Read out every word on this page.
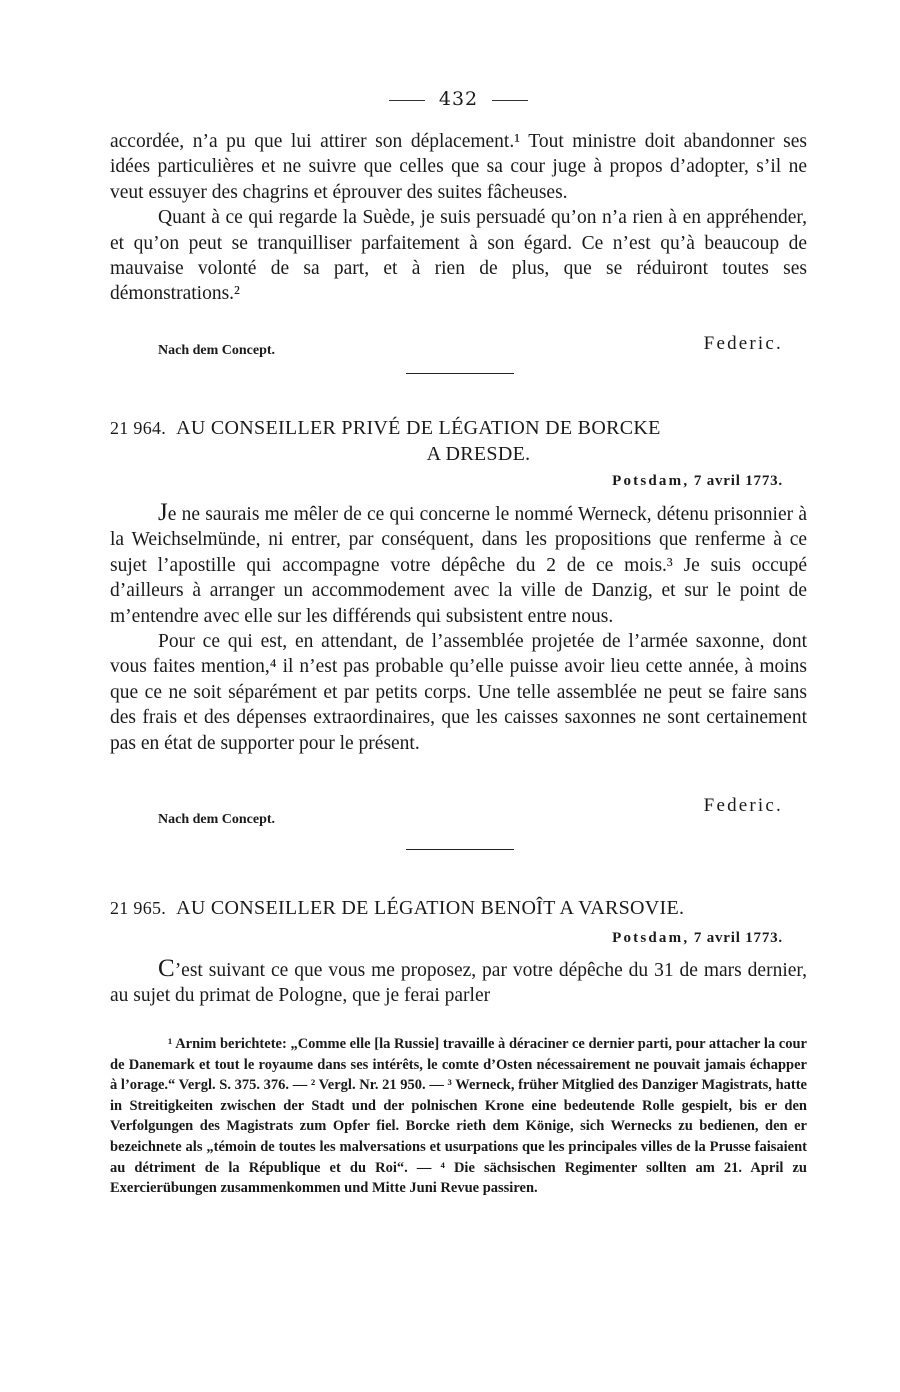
432

accordée, n’a pu que lui attirer son déplacement.¹ Tout ministre doit abandonner ses idées particulières et ne suivre que celles que sa cour juge à propos d’adopter, s’il ne veut essuyer des chagrins et éprouver des suites fâcheuses.

Quant à ce qui regarde la Suède, je suis persuadé qu’on n’a rien à en appréhender, et qu’on peut se tranquilliser parfaitement à son égard. Ce n’est qu’à beaucoup de mauvaise volonté de sa part, et à rien de plus, que se réduiront toutes ses démonstrations.²

Nach dem Concept.	Federic.
21 964. AU CONSEILLER PRIVÉ DE LÉGATION DE BORCKE
A DRESDE.
Potsdam, 7 avril 1773.

Je ne saurais me mêler de ce qui concerne le nommé Werneck, détenu prisonnier à la Weichselmünde, ni entrer, par conséquent, dans les propositions que renferme à ce sujet l’apostille qui accompagne votre dépêche du 2 de ce mois.³ Je suis occupé d’ailleurs à arranger un accommodement avec la ville de Danzig, et sur le point de m’entendre avec elle sur les différends qui subsistent entre nous.

Pour ce qui est, en attendant, de l’assemblée projetée de l’armée saxonne, dont vous faites mention,⁴ il n’est pas probable qu’elle puisse avoir lieu cette année, à moins que ce ne soit séparément et par petits corps. Une telle assemblée ne peut se faire sans des frais et des dépenses extraordinaires, que les caisses saxonnes ne sont certainement pas en état de supporter pour le présent.

Nach dem Concept.
Federic.
21 965. AU CONSEILLER DE LÉGATION BENOÎT A VARSOVIE.
Potsdam, 7 avril 1773.

C’est suivant ce que vous me proposez, par votre dépêche du 31 de mars dernier, au sujet du primat de Pologne, que je ferai parler

¹ Arnim berichtete: „Comme elle [la Russie] travaille à déraciner ce dernier parti, pour attacher la cour de Danemark et tout le royaume dans ses intérêts, le comte d’Osten nécessairement ne pouvait jamais échapper à l’orage.“ Vergl. S. 375. 376. — ² Vergl. Nr. 21 950. — ³ Werneck, früher Mitglied des Danziger Magistrats, hatte in Streitigkeiten zwischen der Stadt und der polnischen Krone eine bedeutende Rolle gespielt, bis er den Verfolgungen des Magistrats zum Opfer fiel. Borcke rieth dem Könige, sich Wernecks zu bedienen, den er bezeichnete als „témoin de toutes les malversations et usurpations que les principales villes de la Prusse faisaient au détriment de la République et du Roi“. — ⁴ Die sächsischen Regimenter sollten am 21. April zu Exercierübungen zusammenkommen und Mitte Juni Revue passiren.
